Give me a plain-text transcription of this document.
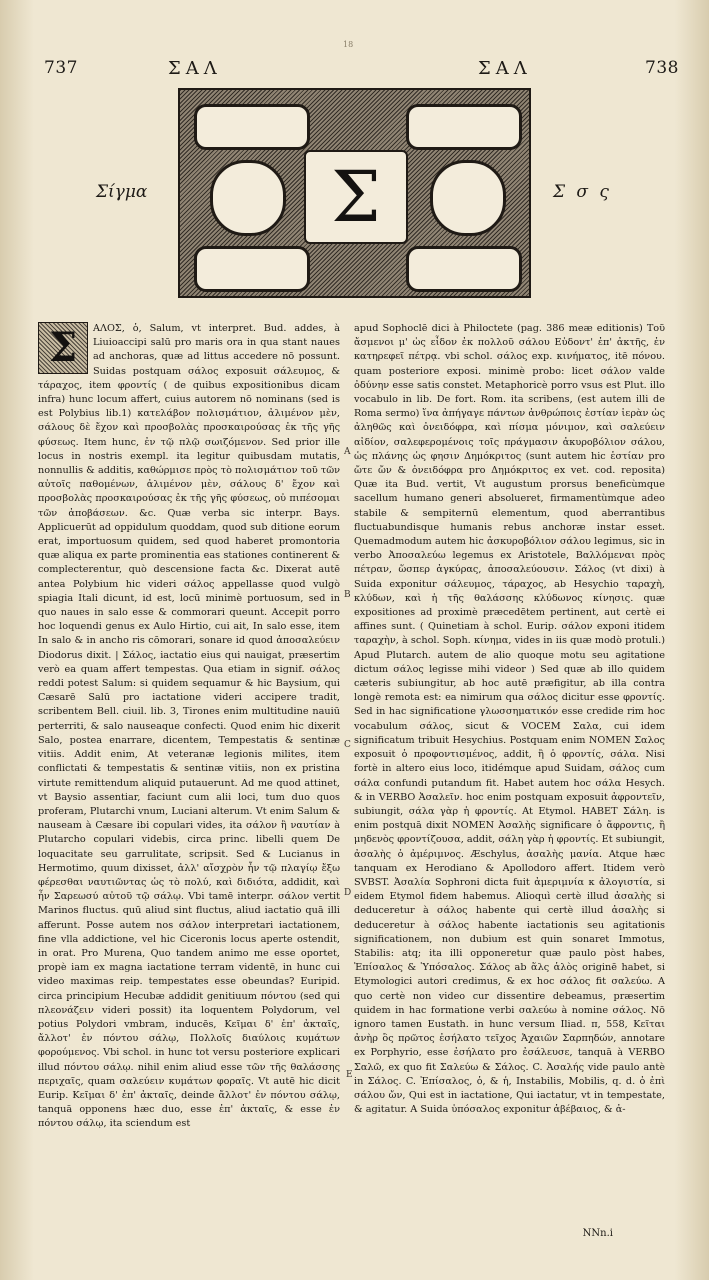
18
737	ΣΑΛ	ΣΑΛ	738
Σίγμα	Σ	Σ σ ς
Σ	ΑΛΟΣ, ὁ, Salum, vt interpret. Bud. addes, à Liuioaccipi salū pro maris ora in qua stant naues ad anchoras, quæ ad littus accedere nō possunt. Suidas postquam σάλος exposuit σάλευμος, & τάραχος, item φροντίς ( de quibus expositionibus dicam infra) hunc locum affert, cuius autorem nō nominans (sed is est Polybius lib.1) κατελάβον πολισμάτιον, ἀλιμένον μὲν, σάλους δὲ ἔχον καὶ προσβολὰς προσκαιρούσας ἐκ τῆς γῆς φύσεως. Item hunc, ἐν τῷ πλῷ σωιζόμενον. Sed prior ille locus in nostris exempl. ita legitur quibusdam mutatis, nonnullis & additis, καθώρμισε πρὸς τὸ πολισμάτιον τοῦ τῶν αὐτοῖς παθομένων, ἀλιμένον μὲν, σάλους δ' ἔχον καὶ προσβολὰς προσκαιρούσας ἐκ τῆς γῆς φύσεως, οὐ πιπέσομαι τῶν ἀποβάσεων. &c. Quæ verba sic interpr. Bays. Applicuerūt ad oppidulum quoddam, quod sub ditione eorum erat, importuosum quidem, sed quod haberet promontoria quæ aliqua ex parte prominentia eas stationes continerent & complecterentur, quò descensione facta &c. Dixerat autē antea Polybium hic videri σάλος appellasse quod vulgò spiagia Itali dicunt, id est, locū minimè portuosum, sed in quo naues in salo esse & commorari queunt. Accepit porro hoc loquendi genus ex Aulo Hirtio, cui ait, In salo esse, item In salo & in ancho ris cōmorari, sonare id quod ἀποσαλεύειν Diodorus dixit. | Σάλος, iactatio eius qui nauigat, præsertim verò ea quam affert tempestas. Qua etiam in signif. σάλος reddi potest Salum: si quidem sequamur & hic Baysium, qui Cæsarē Salū pro iactatione videri accipere tradit, scribentem Bell. ciuil. lib. 3, Tirones enim multitudine nauiū perterriti, & salo nauseaque confecti. Quod enim hic dixerit Salo, postea enarrare, dicentem, Tempestatis & sentinæ vitiis. Addit enim, At veteranæ legionis milites, item conflictati & tempestatis & sentinæ vitiis, non ex pristina virtute remittendum aliquid putauerunt. Ad me quod attinet, vt Baysio assentiar, faciunt cum alii loci, tum duo quos proferam, Plutarchi vnum, Luciani alterum. Vt enim Salum & nauseam à Cæsare ibi copulari vides, ita σάλον ἢ ναυτίαν à Plutarcho copulari videbis, circa princ. libelli quem De loquacitate seu garrulitate, scripsit. Sed & Lucianus in Hermotimo, quum dixisset, ἀλλ' αἴσχρὸν ἦν τῷ πλαγίῳ ἔξω φέρεσθαι ναυτιῶντας ὡς τὸ πολύ, καὶ διδιότα, addidit, καὶ ἦν Σαρεωσύ αὐτοῦ τῷ σάλῳ. Vbi tamē interpr. σάλον vertit Marinos fluctus. quū aliud sint fluctus, aliud iactatio quā illi afferunt. Posse autem nos σάλον interpretari iactationem, fine vlla addictione, vel hic Ciceronis locus aperte ostendit, in orat. Pro Murena, Quo tandem animo me esse oportet, propè iam ex magna iactatione terram videntē, in hunc cui video maximas reip. tempestates esse obeundas? Euripid. circa principium Hecubæ addidit genitiuum πόντου (sed qui πλεονάζειν videri possit) ita loquentem Polydorum, vel potius Polydori vmbram, inducēs, Κεῖμαι δ' ἐπ' ἀκταῖς, ἄλλοτ' ἐν πόντου σάλῳ, Πολλοῖς διαύλοις κυμάτων φορούμενος. Vbi schol. in hunc tot versu posteriore explicari illud πόντου σάλῳ. nihil enim aliud esse τῶν τῆς θαλάσσης περιχαῖς, quam σαλεύειν κυμάτων φοραῖς. Vt autē hic dicit Eurip. Κεῖμαι δ' ἐπ' ἀκταῖς, deinde ἄλλοτ' ἐν πόντου σάλῳ, tanquā opponens hæc duo, esse ἐπ' ἀκταῖς, & esse ἐν πόντου σάλῳ, ita sciendum est

apud Sophoclē dici à Philoctete (pag. 386 meæ editionis) Τοῦ ἄσμενοι μ' ὡς εἶδον ἐκ πολλοῦ σάλου Εὐδοντ' ἐπ' ἀκτῆς, ἐν κατηρεφεῖ πέτρᾳ. vbi schol. σάλος exp. κινήματος, itē πόνου. quam posteriore exposi. minimè probo: licet σάλον valde ὀδύνην esse satis constet. Metaphoricè porro vsus est Plut. illo vocabulo in lib. De fort. Rom. ita scribens, (est autem illi de Roma sermo) ἵνα ἀπήγαγε πάντων ἀνθρώποις ἑστίαν ἱερὰν ὡς ἀληθῶς καὶ ὀνειδόφρα, καὶ πίσμα μόνιμον, καὶ σαλεύειν αἰδίον, σαλεφερομένοις τοῖς πράγμασιν ἀκυροβόλιον σάλου, ὡς πλάνης ὡς φησιν Δημόκριτος (sunt autem hic ἑστίαν pro ὤτε ὤν & ὀνειδόφρα pro Δημόκριτος ex vet. cod. reposita) Quæ ita Bud. vertit, Vt augustum prorsus beneficùmque sacellum humano generi absolueret, firmamentùmque adeo stabile & sempiternū elementum, quod aberrantibus fluctuabundisque humanis rebus anchoræ instar esset. Quemadmodum autem hic ἀσκυροβόλιον σάλου legimus, sic in verbo Ἀποσαλεύω legemus ex Aristotele, Βαλλόμεναι πρὸς πέτραν, ὥσπερ ἀγκύρας, ἀποσαλεύουσιν. Σάλος (vt dixi) à Suida exponitur σάλευμος, τάραχος, ab Hesychio ταραχὴ, κλύδων, καὶ ἡ τῆς θαλάσσης κλύδωνος κίνησις. quæ expositiones ad proximè præcedētem pertinent, aut certè ei affines sunt. ( Quinetiam à schol. Eurip. σάλον exponi itidem ταραχὴν, à schol. Soph. κίνημα, vides in iis quæ modò protuli.) Apud Plutarch. autem de alio quoque motu seu agitatione dictum σάλος legisse mihi videor ) Sed quæ ab illo quidem cæteris subiungitur, ab hoc autē præfigitur, ab illa contra longè remota est: ea nimirum qua σάλος dicitur esse φροντίς. Sed in hac significatione γλωσσηματικόν esse credide rim hoc vocabulum σάλος, sicut & VOCEM Σαλα, cui idem significatum tribuit Hesychius. Postquam enim NOMEN Σαλος exposuit ὁ προφοντισμένος, addit, ἢ ὁ φροντίς, σάλα. Nisi fortè in altero eius loco, itidémque apud Suidam, σάλος cum σάλα confundi putandum fit. Habet autem hoc σάλα Hesych. & in VERBO Ἀσαλεῖν. hoc enim postquam exposuit ἀφροντεῖν, subiungit, σάλα γὰρ ἡ φροντίς. At Etymol. HABET Σάλη. is enim postquā dixit NOMEN Ἀσαλὴς significare ὁ ἄφροντις, ἢ μηδενὸς φροντίζουσα, addit, σάλη γὰρ ἡ φροντίς. Et subiungit, ἀσαλὴς ὁ ἀμέριμνος. Æschylus, ἀσαλὴς μανία. Atque hæc tanquam ex Herodiano & Apollodoro affert. Itidem verò SVBST. Ἀσαλία Sophroni dicta fuit ἀμεριμνία κ ἀλογιστία, si eidem Etymol fidem habemus. Alioquì certè illud ἀσαλὴς si deduceretur à σάλος habente qui certè illud ἀσαλὴς si deduceretur à σάλος habente iactationis seu agitationis significationem, non dubium est quin sonaret Immotus, Stabilis: atq; ita illi opponeretur quæ paulo pòst habes, Ἐπίσαλος & Ὑπόσαλος. Σάλος ab ἅλς ἁλὸς originē habet, si Etymologici autori credimus, & ex hoc σάλος fit σαλεύω. A quo certè non video cur dissentire debeamus, præsertim quidem in hac formatione verbi σαλεύω à nomine σάλος. Nō ignoro tamen Eustath. in hunc versum Iliad. π, 558, Κεῖται ἀνὴρ ὃς πρῶτος ἐσήλατο τεῖχος Ἀχαιῶν Σαρπηδών, annotare ex Porphyrio, esse ἐσήλατο pro ἐσάλευσε, tanquā à VERBO Σαλῶ, ex quo fit Σαλεύω & Σάλος. C. Ἀσαλής vide paulo antè in Σάλος. C. Ἐπίσαλος, ὁ, & ἡ, Instabilis, Mobilis, q. d. ὁ ἐπὶ σάλου ὤν, Qui est in iactatione, Qui iactatur, vt in tempestate, & agitatur. A Suida ὑπόσαλος exponitur ἀβέβαιος, & ἀ-

A
B
C
D
E
NNn.i
